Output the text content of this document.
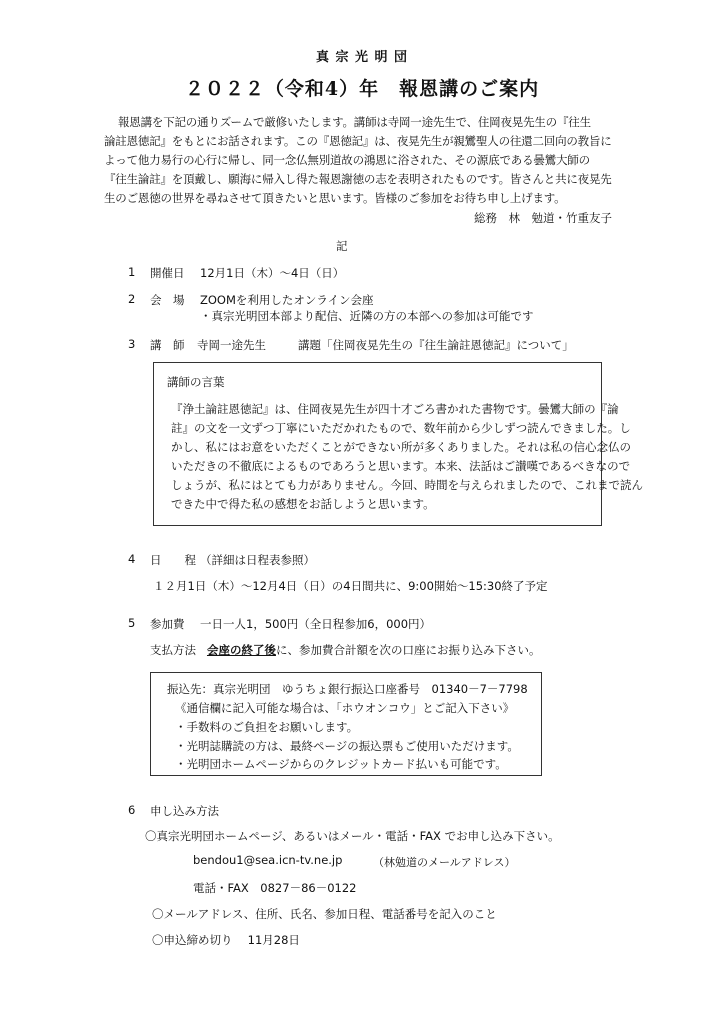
真 宗 光 明 団
２０２２（令和4）年　報恩講のご案内
報恩講を下記の通りズームで厳修いたします。講師は寺岡一途先生で、住岡夜晃先生の『往生
論註恩徳記』をもとにお話されます。この『恩徳記』は、夜晃先生が親鸞聖人の往還二回向の教旨に
よって他力易行の心行に帰し、同一念仏無別道故の鴻恩に浴された、その源底である曇鸞大師の
『往生論註』を頂戴し、願海に帰入し得た報恩謝徳の志を表明されたものです。皆さんと共に夜晃先
生のご恩徳の世界を尋ねさせて頂きたいと思います。皆様のご参加をお待ち申し上げます。
総務　林　勉道・竹重友子
記
1 開催日 12月1日（木）～4日（日）
2 会　場 ZOOMを利用したオンライン会座
・真宗光明団本部より配信、近隣の方の本部への参加は可能です
3 講　師 寺岡一途先生	講題「住岡夜晃先生の『往生論註恩徳記』について」
講師の言葉
『浄土論註恩徳記』は、住岡夜晃先生が四十才ごろ書かれた書物です。曇鸞大師の『論
註』の文を一文ずつ丁寧にいただかれたもので、数年前から少しずつ読んできました。し
かし、私にはお意をいただくことができない所が多くありました。それは私の信心念仏の
いただきの不徹底によるものであろうと思います。本来、法話はご讃嘆であるべきなので
しょうが、私にはとても力がありません。今回、時間を与えられましたので、これまで読ん
できた中で得た私の感想をお話しようと思います。
4 日　　程 （詳細は日程表参照）
１２月1日（木）～12月4日（日）の4日間共に、9:00開始～15:30終了予定
5 参加費 一日一人1，500円（全日程参加6，000円）
支払方法 会座の終了後に、参加費合計額を次の口座にお振り込み下さい。
振込先：真宗光明団　ゆうちょ銀行振込口座番号　01340－7－7798
《通信欄に記入可能な場合は、「ホウオンコウ」とご記入下さい》
・手数料のご負担をお願いします。
・光明誌購読の方は、最終ページの振込票もご使用いただけます。
・光明団ホームページからのクレジットカード払いも可能です。
6 申し込み方法
〇真宗光明団ホームページ、あるいはメール・電話・FAX でお申し込み下さい。
bendou1@sea.icn-tv.ne.jp	（林勉道のメールアドレス）
電話・FAX　0827－86－0122
〇メールアドレス、住所、氏名、参加日程、電話番号を記入のこと
〇申込締め切り　 11月28日
